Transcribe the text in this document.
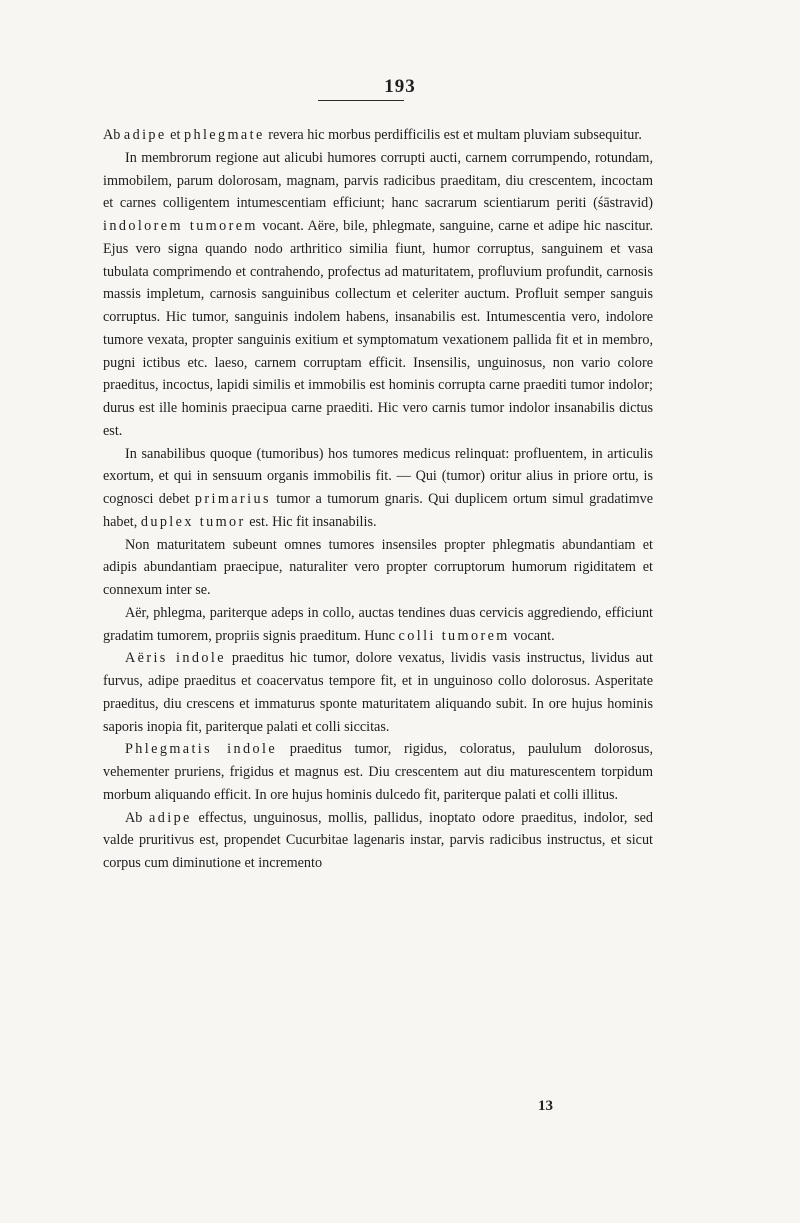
193

Ab adipe et phlegmate revera hic morbus perdifficilis est et multam pluviam subsequitur.

In membrorum regione aut alicubi humores corrupti aucti, carnem corrumpendo, rotundam, immobilem, parum dolorosam, magnam, parvis radicibus praeditam, diu crescentem, incoctam et carnes colligentem intumescentiam efficiunt; hanc sacrarum scientiarum periti (śāstravid) indolorem tumorem vocant. Aëre, bile, phlegmate, sanguine, carne et adipe hic nascitur. Ejus vero signa quando nodo arthritico similia fiunt, humor corruptus, sanguinem et vasa tubulata comprimendo et contrahendo, profectus ad maturitatem, profluvium profundit, carnosis massis impletum, carnosis sanguinibus collectum et celeriter auctum. Profluit semper sanguis corruptus. Hic tumor, sanguinis indolem habens, insanabilis est. Intumescentia vero, indolore tumore vexata, propter sanguinis exitium et symptomatum vexationem pallida fit et in membro, pugni ictibus etc. laeso, carnem corruptam efficit. Insensilis, unguinosus, non vario colore praeditus, incoctus, lapidi similis et immobilis est hominis corrupta carne praediti tumor indolor; durus est ille hominis praecipua carne praediti. Hic vero carnis tumor indolor insanabilis dictus est.

In sanabilibus quoque (tumoribus) hos tumores medicus relinquat: profluentem, in articulis exortum, et qui in sensuum organis immobilis fit. — Qui (tumor) oritur alius in priore ortu, is cognosci debet primarius tumor a tumorum gnaris. Qui duplicem ortum simul gradatimve habet, duplex tumor est. Hic fit insanabilis.

Non maturitatem subeunt omnes tumores insensiles propter phlegmatis abundantiam et adipis abundantiam praecipue, naturaliter vero propter corruptorum humorum rigiditatem et connexum inter se.

Aër, phlegma, pariterque adeps in collo, auctas tendines duas cervicis aggrediendo, efficiunt gradatim tumorem, propriis signis praeditum. Hunc colli tumorem vocant.

Aëris indole praeditus hic tumor, dolore vexatus, lividis vasis instructus, lividus aut furvus, adipe praeditus et coacervatus tempore fit, et in unguinoso collo dolorosus. Asperitate praeditus, diu crescens et immaturus sponte maturitatem aliquando subit. In ore hujus hominis saporis inopia fit, pariterque palati et colli siccitas.

Phlegmatis indole praeditus tumor, rigidus, coloratus, paululum dolorosus, vehementer pruriens, frigidus et magnus est. Diu crescentem aut diu maturescentem torpidum morbum aliquando efficit. In ore hujus hominis dulcedo fit, pariterque palati et colli illitus.

Ab adipe effectus, unguinosus, mollis, pallidus, inoptato odore praeditus, indolor, sed valde pruritivus est, propendet Cucurbitae lagenaris instar, parvis radicibus instructus, et sicut corpus cum diminutione et incremento

13
